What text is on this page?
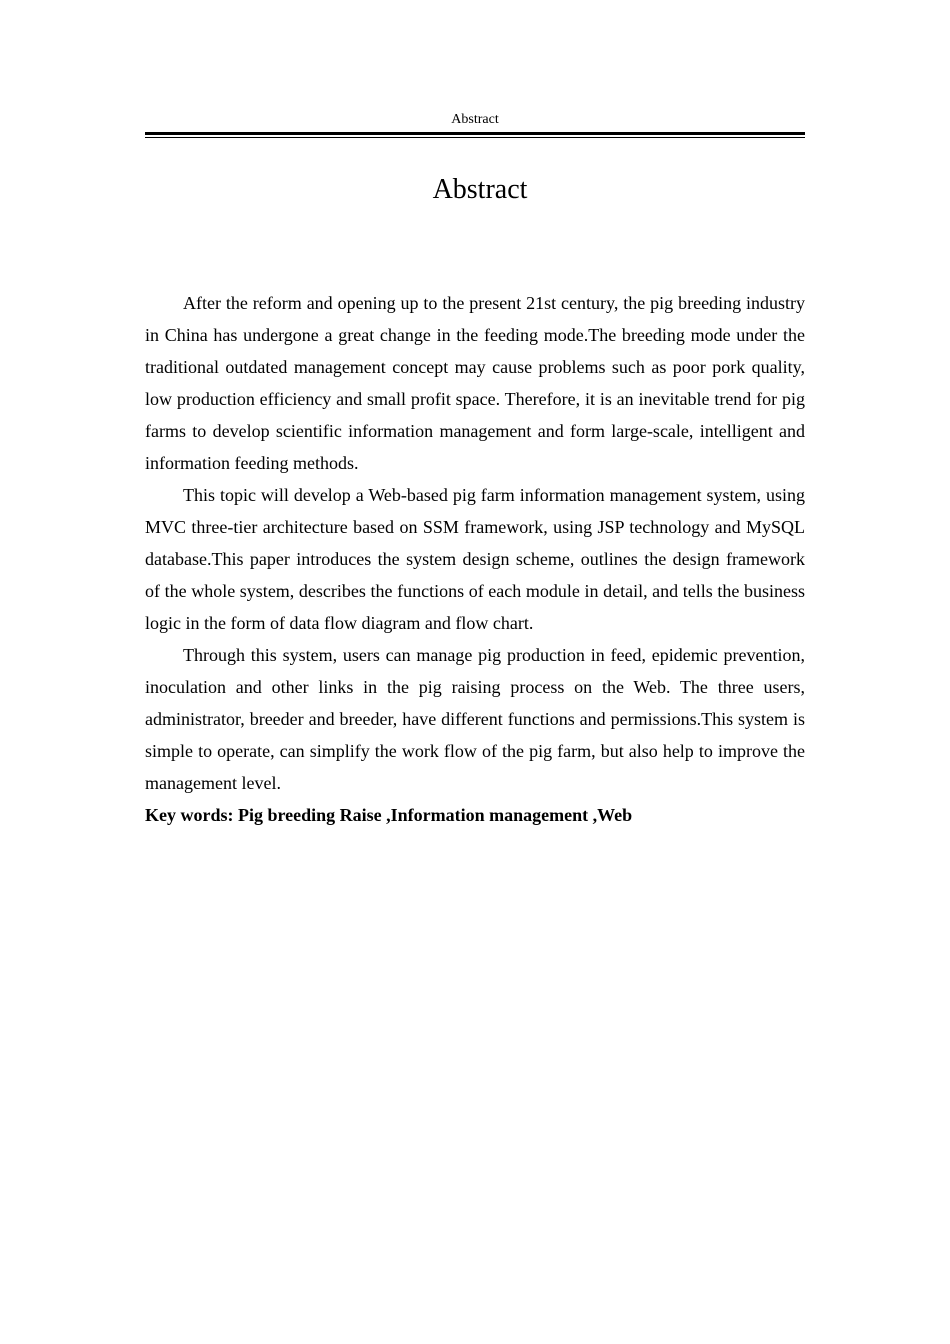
Abstract
Abstract

After the reform and opening up to the present 21st century, the pig breeding industry in China has undergone a great change in the feeding mode.The breeding mode under the traditional outdated management concept may cause problems such as poor pork quality, low production efficiency and small profit space. Therefore, it is an inevitable trend for pig farms to develop scientific information management and form large-scale, intelligent and information feeding methods.

This topic will develop a Web-based pig farm information management system, using MVC three-tier architecture based on SSM framework, using JSP technology and MySQL database.This paper introduces the system design scheme, outlines the design framework of the whole system, describes the functions of each module in detail, and tells the business logic in the form of data flow diagram and flow chart.

Through this system, users can manage pig production in feed, epidemic prevention, inoculation and other links in the pig raising process on the Web. The three users, administrator, breeder and breeder, have different functions and permissions.This system is simple to operate, can simplify the work flow of the pig farm, but also help to improve the management level.

Key words: Pig breeding Raise ,Information management ,Web
